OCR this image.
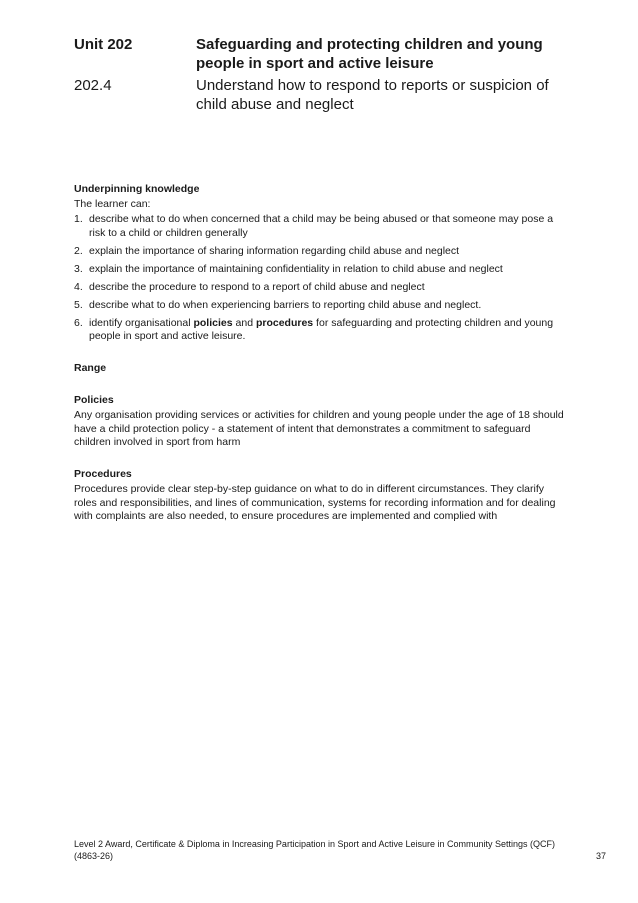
Unit 202	Safeguarding and protecting children and young people in sport and active leisure
202.4	Understand how to respond to reports or suspicion of child abuse and neglect
Underpinning knowledge
The learner can:
1. describe what to do when concerned that a child may be being abused or that someone may pose a risk to a child or children generally
2. explain the importance of sharing information regarding child abuse and neglect
3. explain the importance of maintaining confidentiality in relation to child abuse and neglect
4. describe the procedure to respond to a report of child abuse and neglect
5. describe what to do when experiencing barriers to reporting child abuse and neglect.
6. identify organisational policies and procedures for safeguarding and protecting children and young people in sport and active leisure.
Range
Policies
Any organisation providing services or activities for children and young people under the age of 18 should have a child protection policy - a statement of intent that demonstrates a commitment to safeguard children involved in sport from harm
Procedures
Procedures provide clear step-by-step guidance on what to do in different circumstances. They clarify roles and responsibilities, and lines of communication, systems for recording information and for dealing with complaints are also needed, to ensure procedures are implemented and complied with
Level 2 Award, Certificate & Diploma in Increasing Participation in Sport and Active Leisure in Community Settings (QCF) (4863-26)	37
